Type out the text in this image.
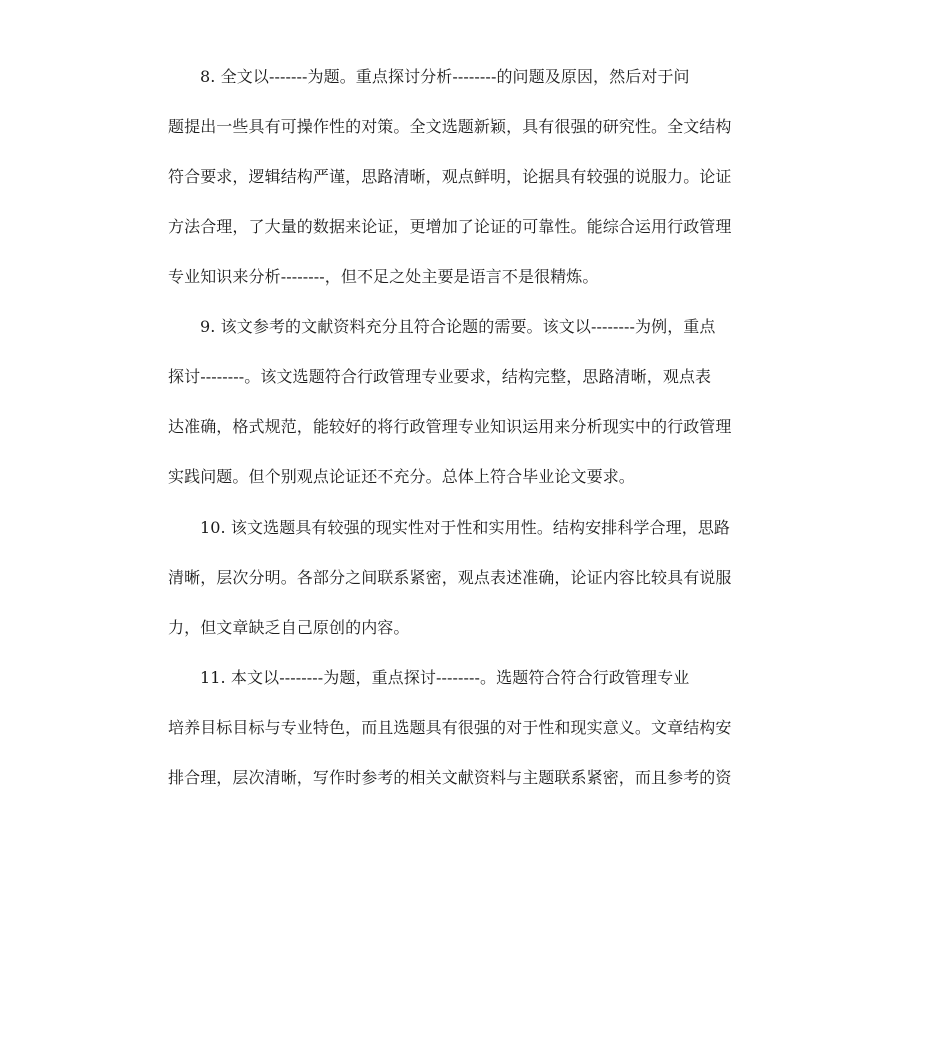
8. 全文以-------为题。重点探讨分析--------的问题及原因，然后对于问
题提出一些具有可操作性的对策。全文选题新颖，具有很强的研究性。全文结构
符合要求，逻辑结构严谨，思路清晰，观点鲜明，论据具有较强的说服力。论证
方法合理，了大量的数据来论证，更增加了论证的可靠性。能综合运用行政管理
专业知识来分析--------，但不足之处主要是语言不是很精炼。
9. 该文参考的文献资料充分且符合论题的需要。该文以--------为例，重点
探讨--------。该文选题符合行政管理专业要求，结构完整，思路清晰，观点表
达准确，格式规范，能较好的将行政管理专业知识运用来分析现实中的行政管理
实践问题。但个别观点论证还不充分。总体上符合毕业论文要求。
10. 该文选题具有较强的现实性对于性和实用性。结构安排科学合理，思路
清晰，层次分明。各部分之间联系紧密，观点表述准确，论证内容比较具有说服
力，但文章缺乏自己原创的内容。
11. 本文以--------为题，重点探讨--------。选题符合符合行政管理专业
培养目标目标与专业特色，而且选题具有很强的对于性和现实意义。文章结构安
排合理，层次清晰，写作时参考的相关文献资料与主题联系紧密，而且参考的资
